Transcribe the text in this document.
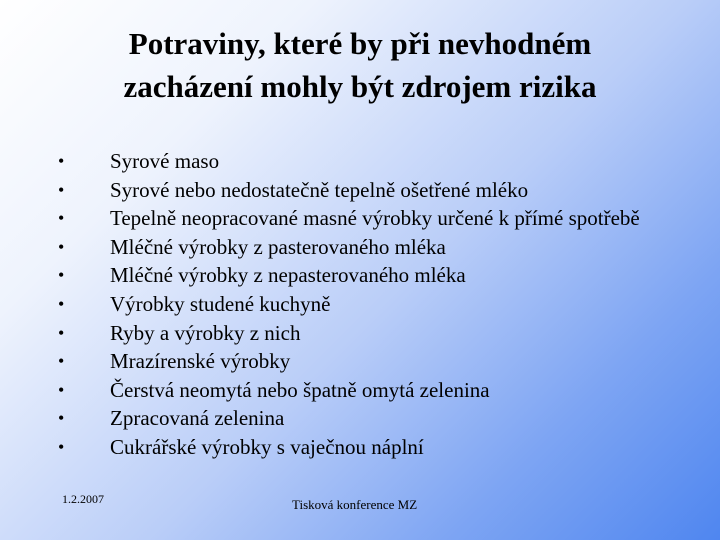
Potraviny, které by při nevhodném
zacházení mohly být zdrojem rizika
• Syrové maso
• Syrové nebo nedostatečně tepelně ošetřené mléko
• Tepelně neopracované masné výrobky určené k přímé spotřebě
• Mléčné výrobky z pasterovaného mléka
• Mléčné výrobky z nepasterovaného mléka
• Výrobky studené kuchyně
• Ryby a výrobky z nich
• Mrazírenské výrobky
• Čerstvá neomytá nebo špatně omytá zelenina
• Zpracovaná zelenina
• Cukrářské výrobky s vaječnou náplní
1.2.2007	Tisková konference MZ
